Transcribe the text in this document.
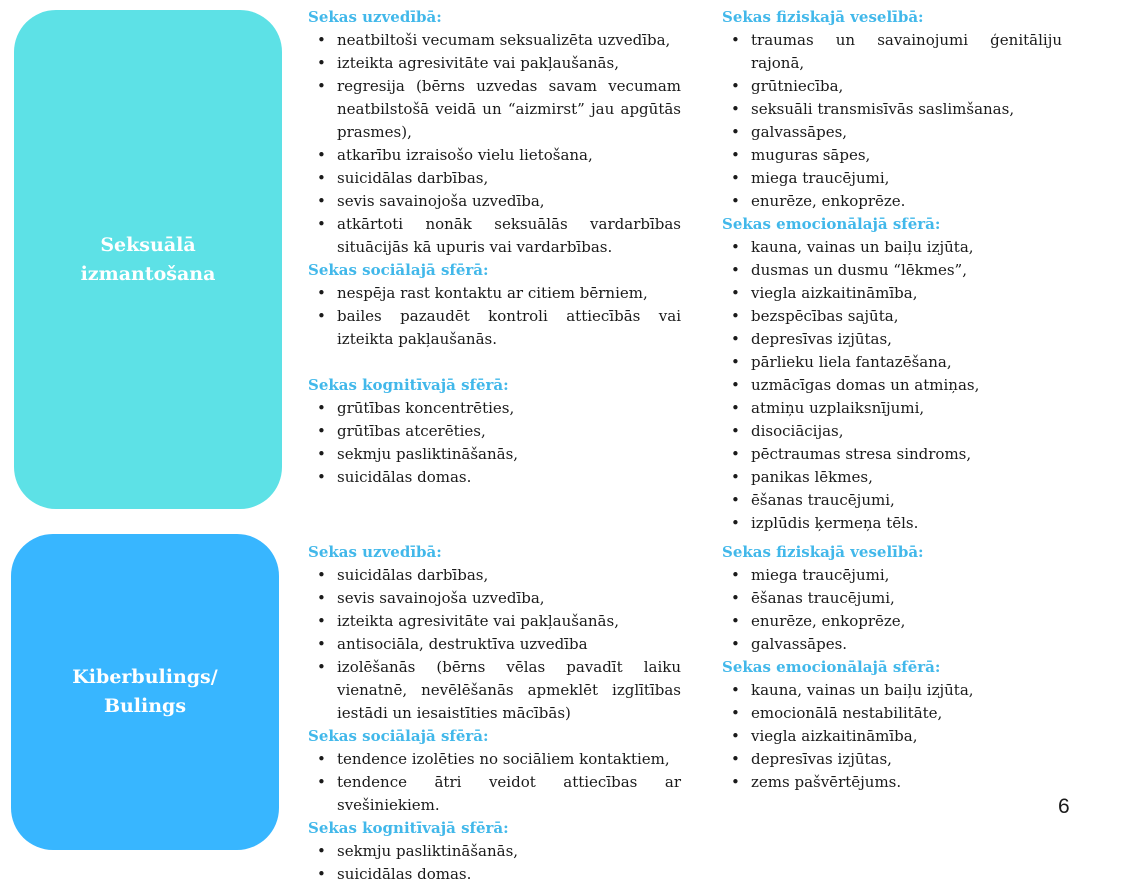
Seksuālā
izmantošana
Kiberbulings/
Bulings
Sekas uzvedībā:
• neatbiltoši vecumam seksualizēta uzvedība,
• izteikta agresivitāte vai pakļaušanās,
• regresija (bērns uzvedas savam vecumam neatbilstošā veidā un “aizmirst” jau apgūtās prasmes),
• atkarību izraisošo vielu lietošana,
• suicidālas darbības,
• sevis savainojoša uzvedība,
• atkārtoti nonāk seksuālās vardarbības situācijās kā upuris vai vardarbības.
Sekas sociālajā sfērā:
• nespēja rast kontaktu ar citiem bērniem,
• bailes pazaudēt kontroli attiecībās vai izteikta pakļaušanās.
Sekas kognitīvajā sfērā:
• grūtības koncentrēties,
• grūtības atcerēties,
• sekmju pasliktināšanās,
• suicidālas domas.
Sekas fiziskajā veselībā:
• traumas un savainojumi ģenitāliju rajonā,
• grūtniecība,
• seksuāli transmisīvās saslimšanas,
• galvassāpes,
• muguras sāpes,
• miega traucējumi,
• enurēze, enkoprēze.
Sekas emocionālajā sfērā:
• kauna, vainas un baiļu izjūta,
• dusmas un dusmu “lēkmes”,
• viegla aizkaitināmība,
• bezspēcības sajūta,
• depresīvas izjūtas,
• pārlieku liela fantazēšana,
• uzmācīgas domas un atmiņas,
• atmiņu uzplaiksnījumi,
• disociācijas,
• pēctraumas stresa sindroms,
• panikas lēkmes,
• ēšanas traucējumi,
• izplūdis ķermeņa tēls.
Sekas uzvedībā:
• suicidālas darbības,
• sevis savainojoša uzvedība,
• izteikta agresivitāte vai pakļaušanās,
• antisociāla, destruktīva uzvedība
• izolēšanās (bērns vēlas pavadīt laiku vienatnē, nevēlēšanās apmeklēt izglītības iestādi un iesaistīties mācībās)
Sekas sociālajā sfērā:
• tendence izolēties no sociāliem kontaktiem,
• tendence ātri veidot attiecības ar svešiniekiem.
Sekas kognitīvajā sfērā:
• sekmju pasliktināšanās,
• suicidālas domas.
Sekas fiziskajā veselībā:
• miega traucējumi,
• ēšanas traucējumi,
• enurēze, enkoprēze,
• galvassāpes.
Sekas emocionālajā sfērā:
• kauna, vainas un baiļu izjūta,
• emocionālā nestabilitāte,
• viegla aizkaitināmība,
• depresīvas izjūtas,
• zems pašvērtējums.
6
